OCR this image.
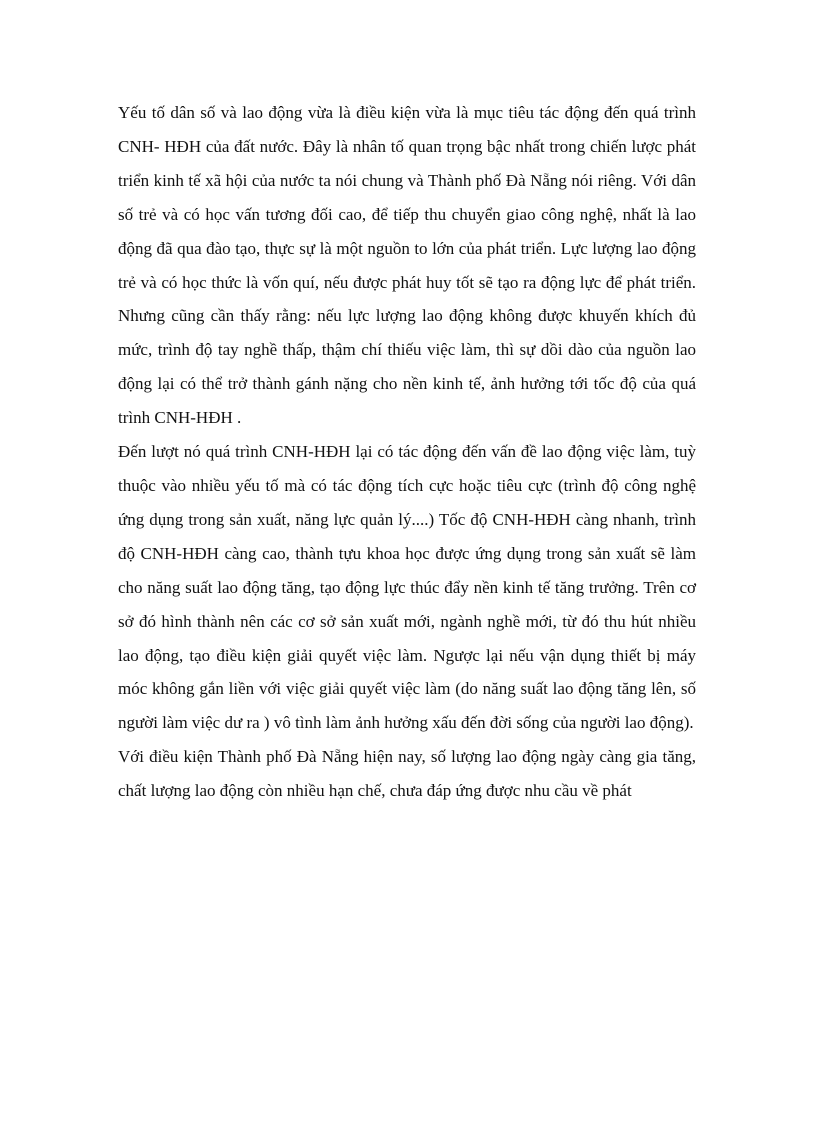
Yếu tố dân số và lao động vừa là điều kiện vừa là mục tiêu tác động đến quá trình CNH- HĐH của đất nước. Đây là nhân tố quan trọng bậc nhất trong chiến lược phát triển kinh tế xã hội của nước ta nói chung và Thành phố Đà Nẵng nói riêng. Với dân số trẻ và có học vấn tương đối cao, để tiếp thu chuyển giao công nghệ, nhất là lao động đã qua đào tạo, thực sự là một nguồn to lớn của phát triển. Lực lượng lao động trẻ và có học thức là vốn quí, nếu được phát huy tốt sẽ tạo ra động lực để phát triển. Nhưng cũng cần thấy rằng: nếu lực lượng lao động không được khuyến khích đủ mức, trình độ tay nghề thấp, thậm chí thiếu việc làm, thì sự dồi dào của nguồn lao động lại có thể trở thành gánh nặng cho nền kinh tế, ảnh hưởng tới tốc độ của quá trình CNH-HĐH .

Đến lượt nó quá trình CNH-HĐH lại có tác động đến vấn đề lao động việc làm, tuỳ thuộc vào nhiều yếu tố mà có tác động tích cực hoặc tiêu cực (trình độ công nghệ ứng dụng trong sản xuất, năng lực quản lý....) Tốc độ CNH-HĐH càng nhanh, trình độ CNH-HĐH càng cao, thành tựu khoa học được ứng dụng trong sản xuất sẽ làm cho năng suất lao động tăng, tạo động lực thúc đẩy nền kinh tế tăng trưởng. Trên cơ sở đó hình thành nên các cơ sở sản xuất mới, ngành nghề mới, từ đó thu hút nhiều lao động, tạo điều kiện giải quyết việc làm. Ngược lại nếu vận dụng thiết bị máy móc không gắn liền với việc giải quyết việc làm (do năng suất lao động tăng lên, số người làm việc dư ra ) vô tình làm ảnh hưởng xấu đến đời sống của người lao động).

Với điều kiện Thành phố Đà Nẵng hiện nay, số lượng lao động ngày càng gia tăng, chất lượng lao động còn nhiều hạn chế, chưa đáp ứng được nhu cầu về phát
